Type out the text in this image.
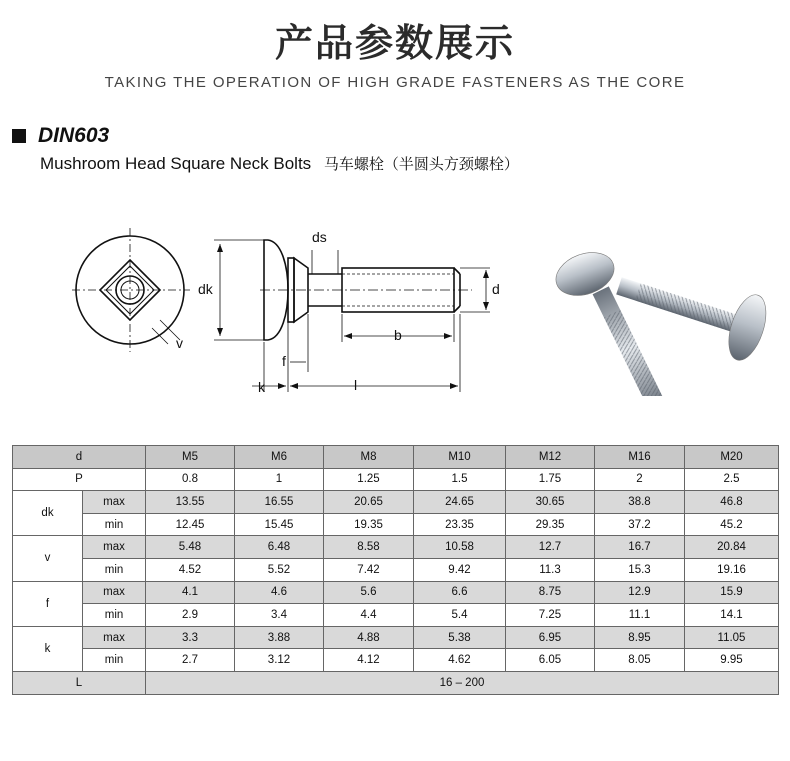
产品参数展示
TAKING THE OPERATION OF HIGH GRADE FASTENERS AS THE CORE
DIN603
Mushroom Head Square Neck Bolts 马车螺栓（半圆头方颈螺栓）
ds
dk	d
b
v
f
k	l
d		M5	M6	M8	M10	M12	M16	M20
P		0.8	1	1.25	1.5	1.75	2	2.5
dk	max	13.55	16.55	20.65	24.65	30.65	38.8	46.8
	min	12.45	15.45	19.35	23.35	29.35	37.2	45.2
v	max	5.48	6.48	8.58	10.58	12.7	16.7	20.84
	min	4.52	5.52	7.42	9.42	11.3	15.3	19.16
f	max	4.1	4.6	5.6	6.6	8.75	12.9	15.9
	min	2.9	3.4	4.4	5.4	7.25	11.1	14.1
k	max	3.3	3.88	4.88	5.38	6.95	8.95	11.05
	min	2.7	3.12	4.12	4.62	6.05	8.05	9.95
L		16 – 200						
